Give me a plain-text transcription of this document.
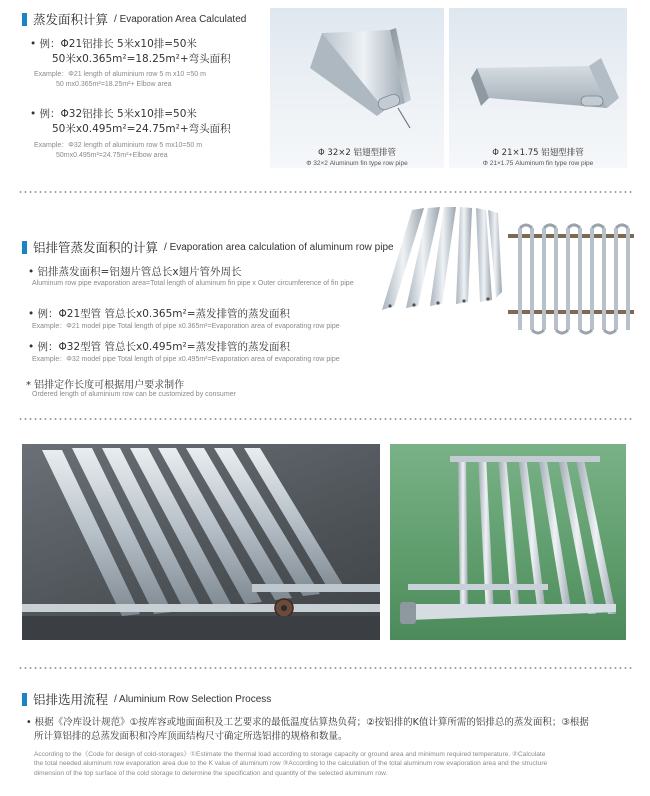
蒸发面积计算 / Evaporation Area Calculated
• 例：Φ21铝排长 5米x10排=50米
50米x0.365m²=18.25m²+弯头面积
Example：Φ21 length of aluminium row 5 m x10 =50 m
50 mx0.365m²=18.25m²+ Elbow area
• 例：Φ32铝排长 5米x10排=50米
50米x0.495m²=24.75m²+弯头面积
Example：Φ32 length of aluminium row 5 mx10=50 m
50mx0.495m²=24.75m²+Elbow area	Φ 32×2 铝翅型排管
Φ 32×2 Aluminum fin type row pipe
Φ 21×1.75 铝翅型排管
Φ 21×1.75 Aluminum fin type row pipe
铝排管蒸发面积的计算 / Evaporation area calculation of aluminum row pipe
• 铝排蒸发面积=铝翅片管总长x翅片管外周长
Aluminum row pipe evaporation area=Total length of aluminum fin pipe x Outer circumference of fin pipe
• 例：Φ21型管 管总长x0.365m²=蒸发排管的蒸发面积
Example：Φ21 model pipe Total length of pipe x0.365m²=Evaporation area of evaporating row pipe
• 例：Φ32型管 管总长x0.495m²=蒸发排管的蒸发面积
Example：Φ32 model pipe Total length of pipe x0.495m²=Evaporation area of evaporating row pipe
* 铝排定作长度可根据用户要求制作
Ordered length of aluminium row can be customized by consumer
铝排选用流程 / Aluminium Row Selection Process
• 根据《冷库设计规范》①按库容或地面面积及工艺要求的最低温度估算热负荷；②按铝排的K值计算所需的铝排总的蒸发面积；③根据
所计算铝排的总蒸发面积和冷库顶面结构尺寸确定所选铝排的规格和数量。
According to the《Code for design of cold-storages》①Estimate the thermal load according to storage capacity or ground area and minimum required temperature. ②Calculate
the total needed aluminum row evaporation area due to the K value of aluminum row ③According to the calculation of the total aluminum row evaporation area and the structure
dimension of the top surface of the cold storage to determine the specification and quantity of the selected aluminum row.
